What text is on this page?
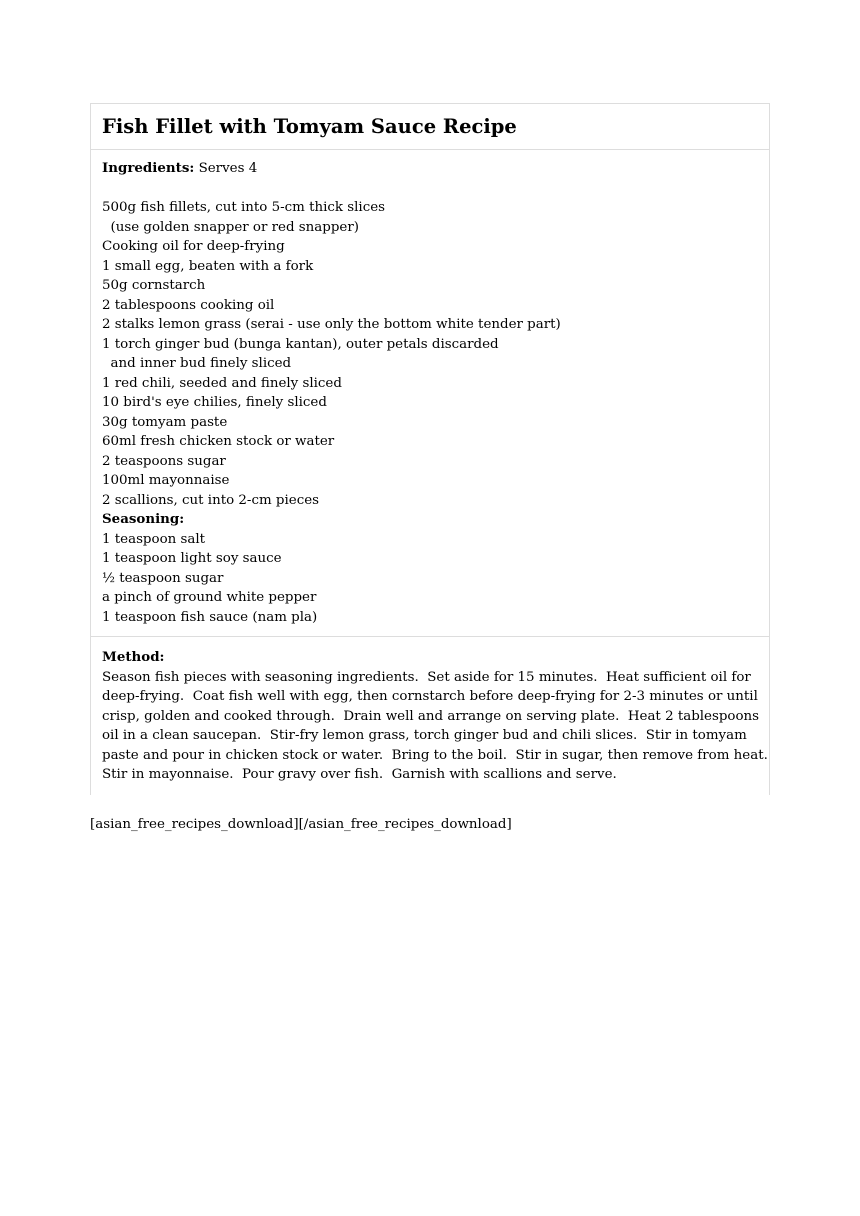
Fish Fillet with Tomyam Sauce Recipe
Ingredients: Serves 4
500g fish fillets, cut into 5-cm thick slices
(use golden snapper or red snapper)
Cooking oil for deep-frying
1 small egg, beaten with a fork
50g cornstarch
2 tablespoons cooking oil
2 stalks lemon grass (serai - use only the bottom white tender part)
1 torch ginger bud (bunga kantan), outer petals discarded
and inner bud finely sliced
1 red chili, seeded and finely sliced
10 bird's eye chilies, finely sliced
30g tomyam paste
60ml fresh chicken stock or water
2 teaspoons sugar
100ml mayonnaise
2 scallions, cut into 2-cm pieces
Seasoning:
1 teaspoon salt
1 teaspoon light soy sauce
½ teaspoon sugar
a pinch of ground white pepper
1 teaspoon fish sauce (nam pla)
Method:
Season fish pieces with seasoning ingredients.  Set aside for 15 minutes.  Heat sufficient oil for
deep-frying.  Coat fish well with egg, then cornstarch before deep-frying for 2-3 minutes or until
crisp, golden and cooked through.  Drain well and arrange on serving plate.  Heat 2 tablespoons
oil in a clean saucepan.  Stir-fry lemon grass, torch ginger bud and chili slices.  Stir in tomyam
paste and pour in chicken stock or water.  Bring to the boil.  Stir in sugar, then remove from heat.
Stir in mayonnaise.  Pour gravy over fish.  Garnish with scallions and serve.
[asian_free_recipes_download][/asian_free_recipes_download]
